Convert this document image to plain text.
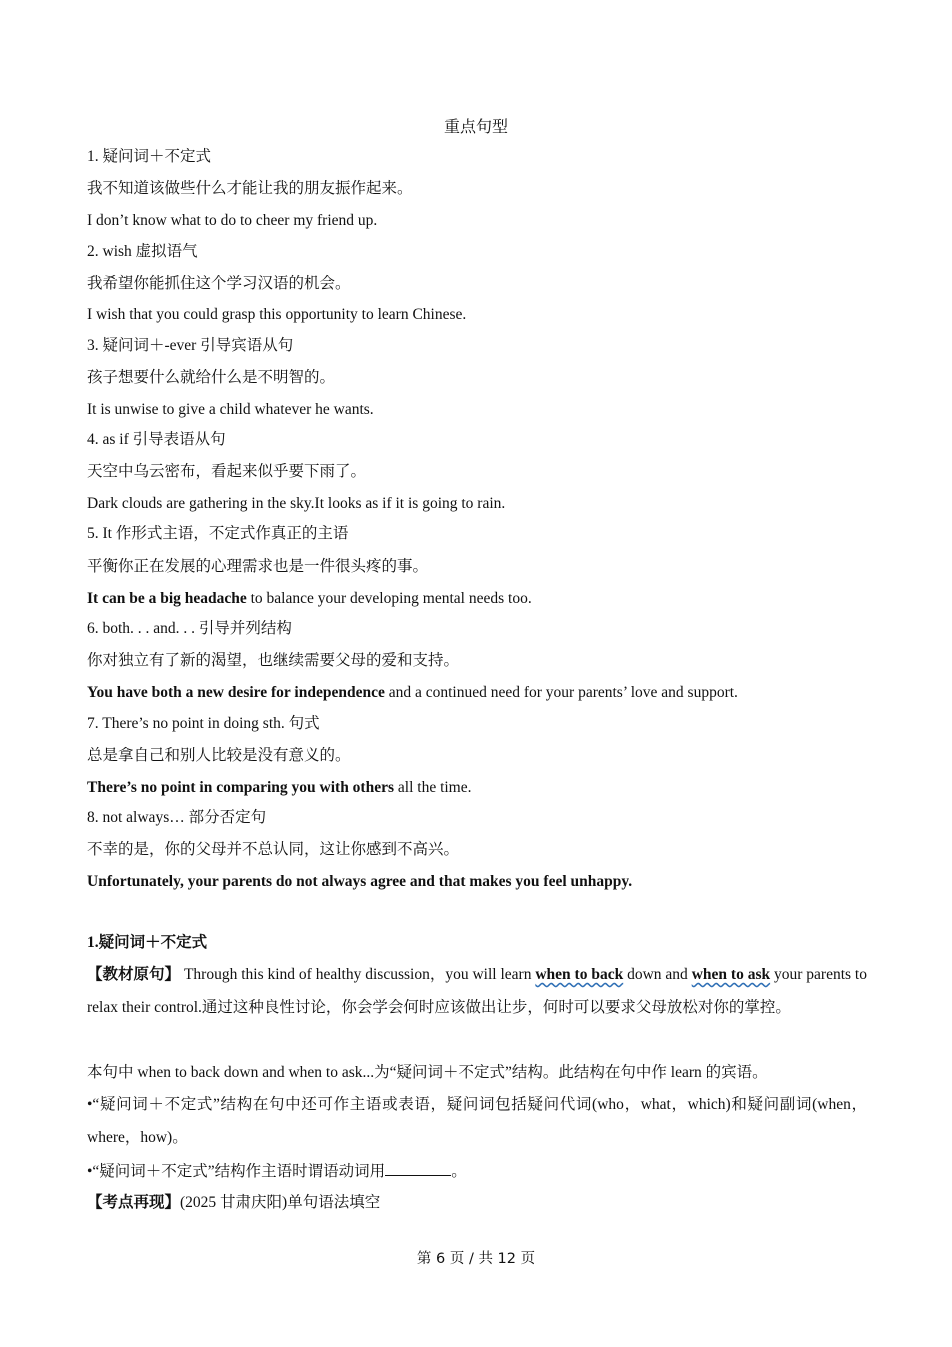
重点句型
1. 疑问词＋不定式
我不知道该做些什么才能让我的朋友振作起来。
I don’t know what to do to cheer my friend up.
2. wish 虚拟语气
我希望你能抓住这个学习汉语的机会。
I wish that you could grasp this opportunity to learn Chinese.
3. 疑问词＋-ever 引导宾语从句
孩子想要什么就给什么是不明智的。
It is unwise to give a child whatever he wants.
4. as if 引导表语从句
天空中乌云密布，看起来似乎要下雨了。
Dark clouds are gathering in the sky.It looks as if it is going to rain.
5. It 作形式主语，不定式作真正的主语
平衡你正在发展的心理需求也是一件很头疼的事。
It can be a big headache to balance your developing mental needs too.
6. both. . . and. . . 引导并列结构
你对独立有了新的渴望，也继续需要父母的爱和支持。
You have both a new desire for independence and a continued need for your parents’ love and support.
7. There’s no point in doing sth. 句式
总是拿自己和别人比较是没有意义的。
There’s no point in comparing you with others all the time.
8. not always… 部分否定句
不幸的是，你的父母并不总认同，这让你感到不高兴。
Unfortunately, your parents do not always agree and that makes you feel unhappy.
1.疑问词＋不定式
【教材原句】 Through this kind of healthy discussion，you will learn when to back down and when to ask your parents to relax their control.通过这种良性讨论，你会学会何时应该做出让步，何时可以要求父母放松对你的掌控。
本句中 when to back down and when to ask...为“疑问词＋不定式”结构。此结构在句中作 learn 的宾语。
•“疑问词＋不定式”结构在句中还可作主语或表语，疑问词包括疑问代词(who，what，which)和疑问副词(when，where，how)。
•“疑问词＋不定式”结构作主语时谓语动词用	。
【考点再现】(2025 甘肃庆阳)单句语法填空
第 6 页 / 共 12 页
